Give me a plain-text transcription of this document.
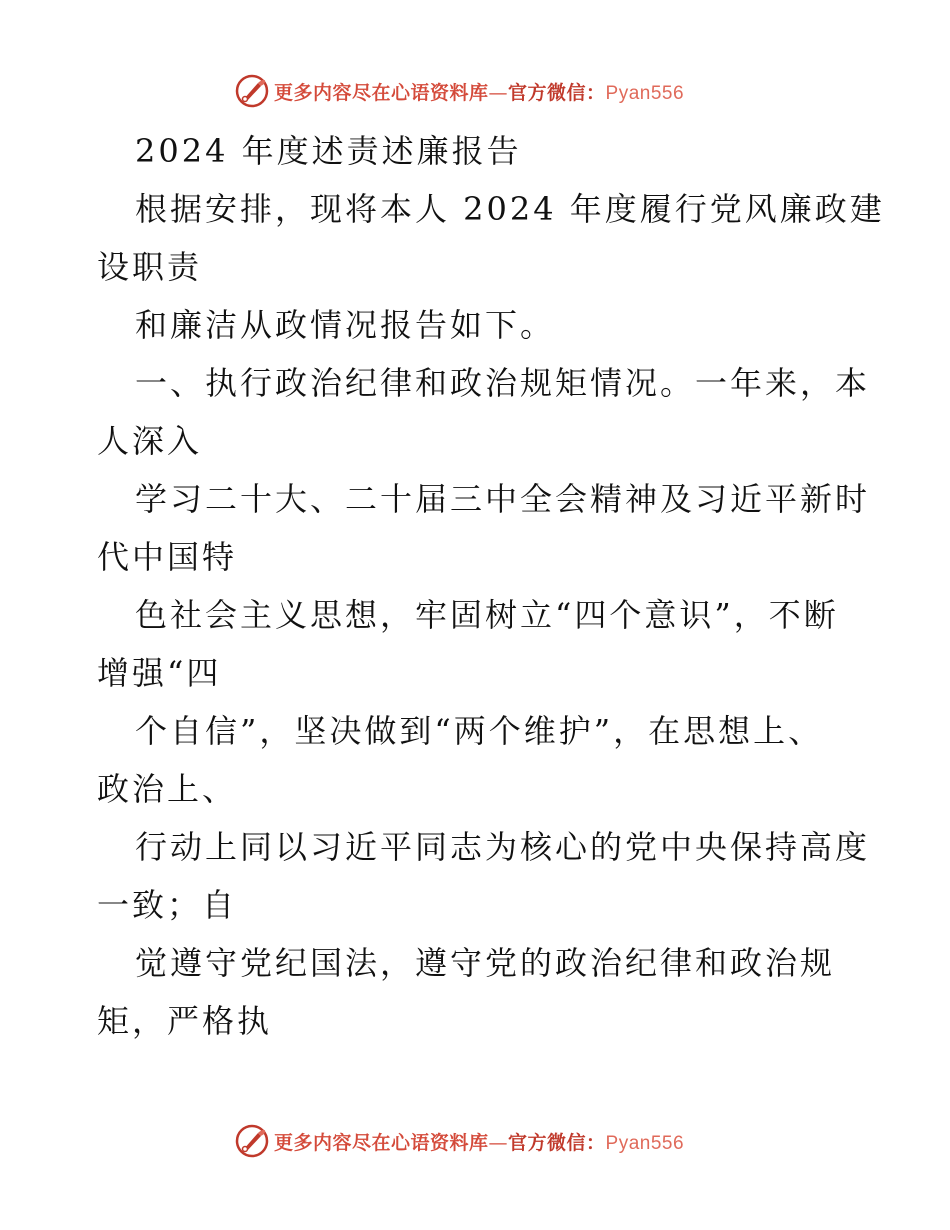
更多内容尽在心语资料库—官方微信：Pyan556
2024 年度述责述廉报告
根据安排，现将本人 2024 年度履行党风廉政建
设职责
和廉洁从政情况报告如下。
一、执行政治纪律和政治规矩情况。一年来，本
人深入
学习二十大、二十届三中全会精神及习近平新时
代中国特
色社会主义思想，牢固树立“四个意识”，不断
增强“四
个自信”，坚决做到“两个维护”，在思想上、
政治上、
行动上同以习近平同志为核心的党中央保持高度
一致；自
觉遵守党纪国法，遵守党的政治纪律和政治规
矩，严格执
更多内容尽在心语资料库—官方微信：Pyan556
